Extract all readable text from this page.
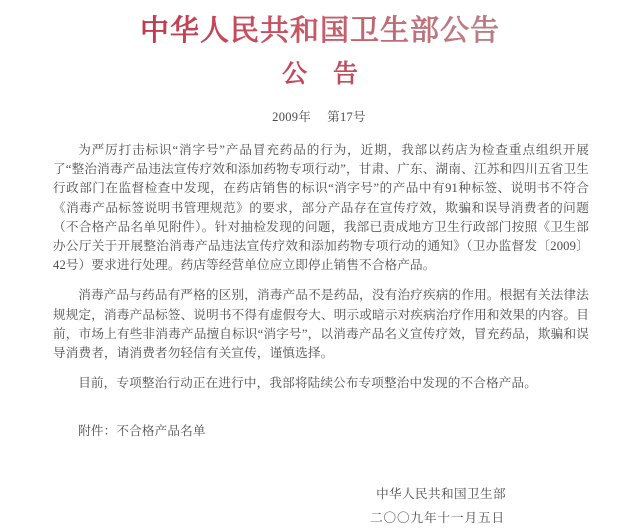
中华人民共和国卫生部公告
公告
2009年 第17号

为严厉打击标识“消字号”产品冒充药品的行为，近期，我部以药店为检查重点组织开展了“整治消毒产品违法宣传疗效和添加药物专项行动”，甘肃、广东、湖南、江苏和四川五省卫生行政部门在监督检查中发现，在药店销售的标识“消字号”的产品中有91种标签、说明书不符合《消毒产品标签说明书管理规范》的要求，部分产品存在宣传疗效，欺骗和误导消费者的问题（不合格产品名单见附件）。针对抽检发现的问题，我部已责成地方卫生行政部门按照《卫生部办公厅关于开展整治消毒产品违法宣传疗效和添加药物专项行动的通知》（卫办监督发〔2009〕42号）要求进行处理。药店等经营单位应立即停止销售不合格产品。

消毒产品与药品有严格的区别，消毒产品不是药品，没有治疗疾病的作用。根据有关法律法规规定，消毒产品标签、说明书不得有虚假夸大、明示或暗示对疾病治疗作用和效果的内容。目前，市场上有些非消毒产品擅自标识“消字号”，以消毒产品名义宣传疗效，冒充药品，欺骗和误导消费者，请消费者勿轻信有关宣传，谨慎选择。

目前，专项整治行动正在进行中，我部将陆续公布专项整治中发现的不合格产品。

附件：不合格产品名单
中华人民共和国卫生部
二〇〇九年十一月五日
